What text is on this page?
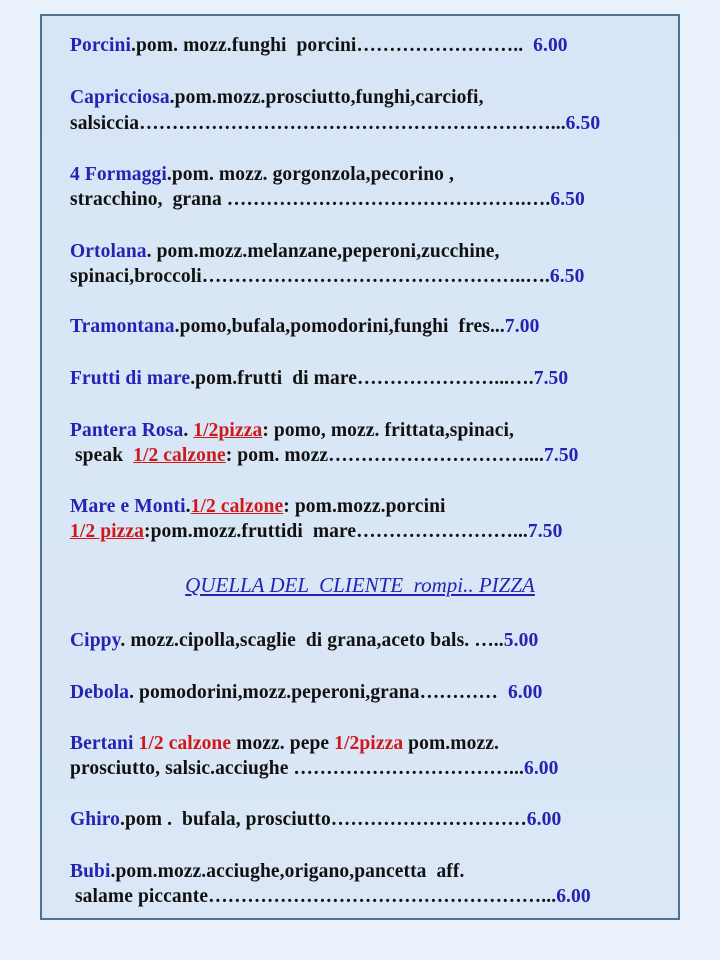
Porcini.pom. mozz.funghi  porcini……………………..  6.00
Capricciosa.pom.mozz.prosciutto,funghi,carciofi,
salsiccia………………………………………………………...6.50
4 Formaggi.pom. mozz. gorgonzola,pecorino ,
stracchino,  grana ……………………………………….….6.50
Ortolana. pom.mozz.melanzane,peperoni,zucchine,
spinaci,broccoli…………………………………………..….6.50
Tramontana.pomo,bufala,pomodorini,funghi  fres...7.00
Frutti di mare.pom.frutti  di mare…………………...….7.50
Pantera Rosa. 1/2pizza: pomo, mozz. frittata,spinaci,
speak  1/2 calzone: pom. mozz…………………………....7.50
Mare e Monti.1/2 calzone: pom.mozz.porcini
1/2 pizza:pom.mozz.fruttidi  mare……………………...7.50
QUELLA DEL  CLIENTE  rompi.. PIZZA
Cippy. mozz.cipolla,scaglie  di grana,aceto bals. …..5.00
Debola. pomodorini,mozz.peperoni,grana…………  6.00
Bertani 1/2 calzone mozz. pepe 1/2pizza pom.mozz.
prosciutto, salsic.acciughe ……………………………...6.00
Ghiro.pom .  bufala, prosciutto…………………………6.00
Bubi.pom.mozz.acciughe,origano,pancetta  aff.
salame piccante……………………………………………...6.00
